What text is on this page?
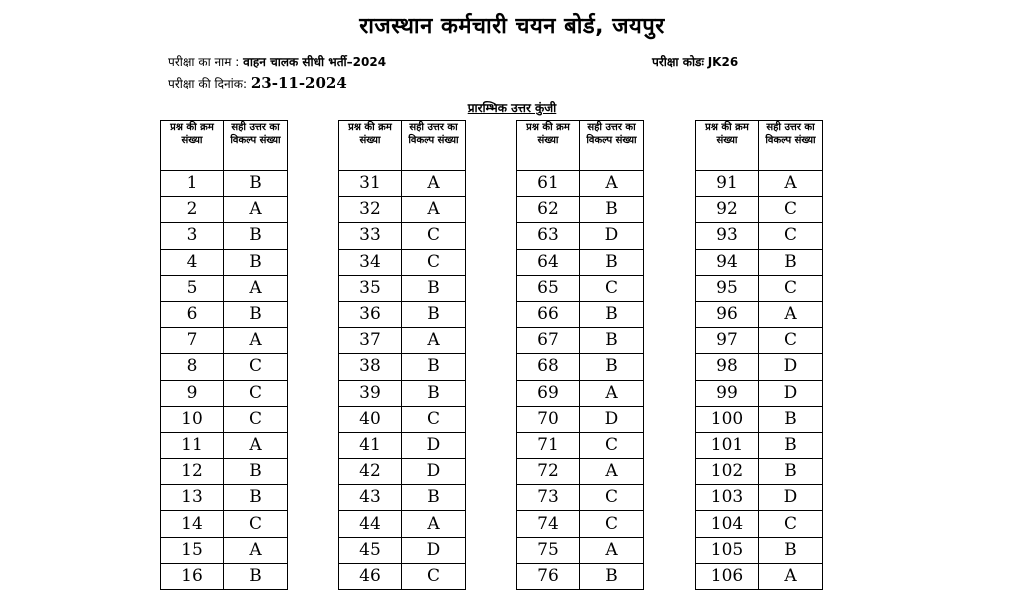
राजस्थान कर्मचारी चयन बोर्ड, जयपुर
परीक्षा का नाम : वाहन चालक सीधी भर्ती–2024
परीक्षा की दिनांक: 23-11-2024
परीक्षा कोडः JK26
प्रारम्भिक उत्तर कुंजी
प्रश्न की क्रम संख्या	सही उत्तर का विकल्प संख्या
1	B
2	A
3	B
4	B
5	A
6	B
7	A
8	C
9	C
10	C
11	A
12	B
13	B
14	C
15	A
16	B
प्रश्न की क्रम संख्या	सही उत्तर का विकल्प संख्या
31	A
32	A
33	C
34	C
35	B
36	B
37	A
38	B
39	B
40	C
41	D
42	D
43	B
44	A
45	D
46	C
प्रश्न की क्रम संख्या	सही उत्तर का विकल्प संख्या
61	A
62	B
63	D
64	B
65	C
66	B
67	B
68	B
69	A
70	D
71	C
72	A
73	C
74	C
75	A
76	B
प्रश्न की क्रम संख्या	सही उत्तर का विकल्प संख्या
91	A
92	C
93	C
94	B
95	C
96	A
97	C
98	D
99	D
100	B
101	B
102	B
103	D
104	C
105	B
106	A
